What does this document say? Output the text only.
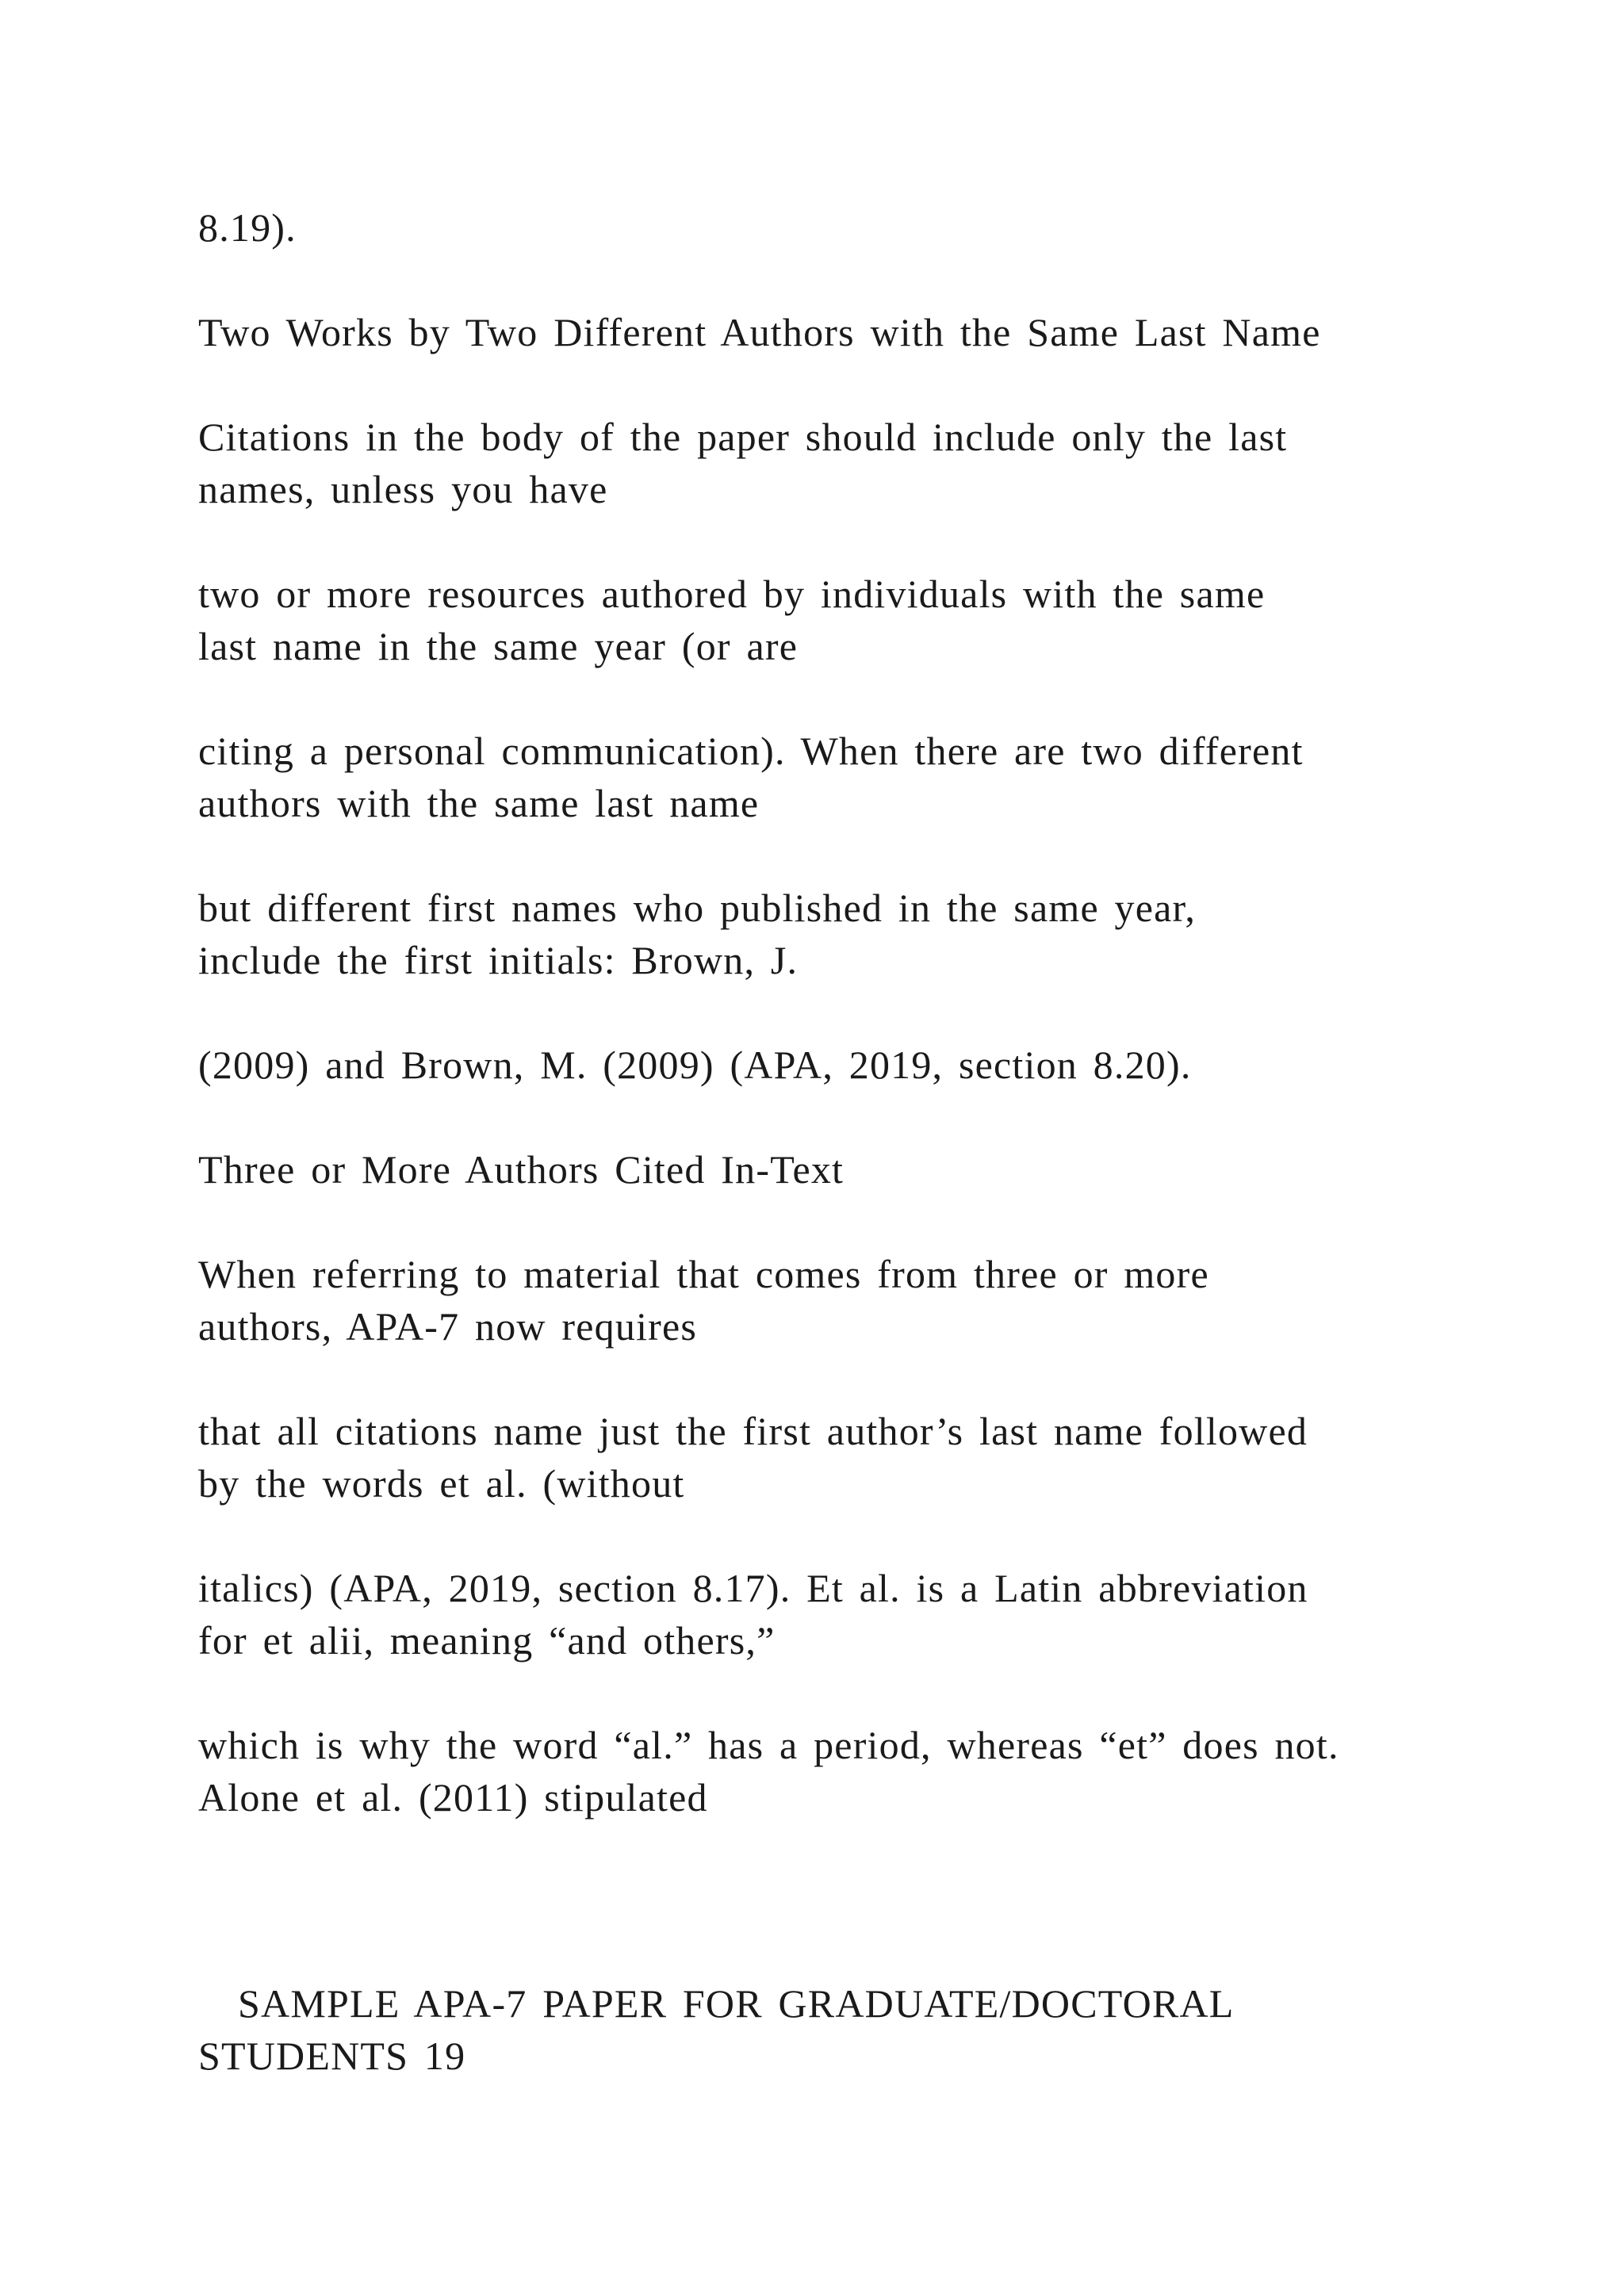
8.19).
Two Works by Two Different Authors with the Same Last Name
Citations in the body of the paper should include only the last
names, unless you have
two or more resources authored by individuals with the same
last name in the same year (or are
citing a personal communication). When there are two different
authors with the same last name
but different first names who published in the same year,
include the first initials: Brown, J.
(2009) and Brown, M. (2009) (APA, 2019, section 8.20).
Three or More Authors Cited In-Text
When referring to material that comes from three or more
authors, APA-7 now requires
that all citations name just the first author’s last name followed
by the words et al. (without
italics) (APA, 2019, section 8.17). Et al. is a Latin abbreviation
for et alii, meaning “and others,”
which is why the word “al.” has a period, whereas “et” does not.
Alone et al. (2011) stipulated
SAMPLE APA-7 PAPER FOR GRADUATE/DOCTORAL
STUDENTS 19
